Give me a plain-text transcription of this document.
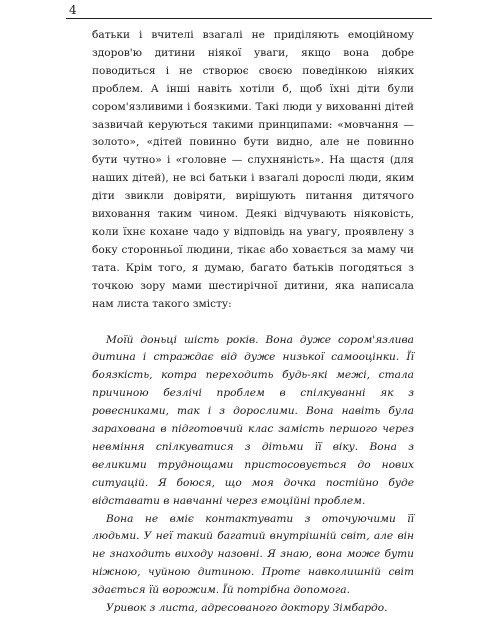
4

батьки і вчителі взагалі не приділяють емоційному здоров'ю дитини ніякої уваги, якщо вона добре поводиться і не створює своєю поведінкою ніяких проблем. А інші навіть хотіли б, щоб їхні діти були сором'язливими і боязкими. Такі люди у вихованні дітей зазвичай керуються такими принципами: «мовчання — золото», «дітей повинно бути видно, але не повинно бути чутно» і «головне — слухняність». На щастя (для наших дітей), не всі батьки і взагалі дорослі люди, яким діти звикли довіряти, вирішують питання дитячого виховання таким чином. Деякі відчувають ніяковість, коли їхнє кохане чадо у відповідь на увагу, проявлену з боку сторонньої людини, тікає або ховається за маму чи тата. Крім того, я думаю, багато батьків погодяться з точкою зору мами шестирічної дитини, яка написала нам листа такого змісту:

Моїй доньці шість років. Вона дуже сором'язлива дитина і страждає від дуже низької самооцінки. Її боязкість, котра переходить будь-які межі, стала причиною безлічі проблем в спілкуванні як з ровесниками, так і з дорослими. Вона навіть була зарахована в підготовчий клас замість першого через невміння спілкуватися з дітьми її віку. Вона з великими труднощами пристосовується до нових ситуацій. Я боюся, що моя дочка постійно буде відставати в навчанні через емоційні проблем.

Вона не вміє контактувати з оточуючими її людьми. У неї такий багатий внутрішній світ, але він не знаходить виходу назовні. Я знаю, вона може бути ніжною, чуйною дитиною. Проте навколишній світ здається їй ворожим. Їй потрібна допомога.

Уривок з листа, адресованого доктору Зімбардо.
